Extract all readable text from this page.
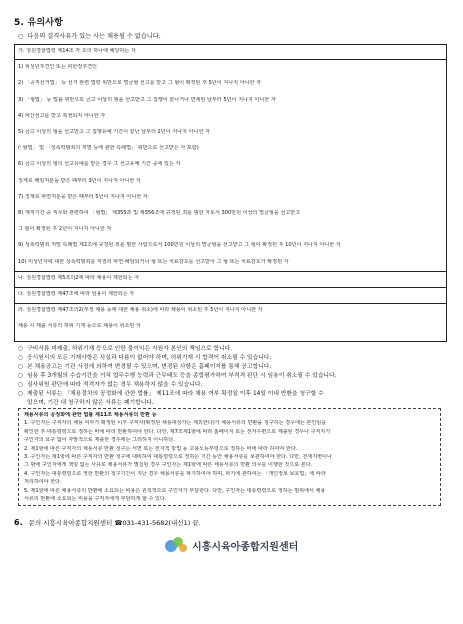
5. 유의사항
○ 다음의 결격사유가 있는 사는 채용될 수 없습니다.
가. 청원경찰법령 제14조 각 호의 하나에 해당하는 자
1) 피성년후견인 또는 피한정후견인
2) 「공직선거법」 등 선거 관련 법령 위반으로 벌금형 선고를 받고 그 형이 확정된 후 5년이 지나지 아니한 자
3) 「형법」 등 법률 위반으로 금고 이상의 형을 선고받고 그 집행이 끝나거나 면제된 날부터 5년이 지나지 아니한 자
4) 파산선고를 받고 복권되지 아니한 자
5) 금고 이상의 형을 선고받고 그 집행유예 기간이 끝난 날부터 2년이 지나지 아니한 자
(「형법」 및 「성폭력범죄의 처벌 등에 관한 특례법」 위반으로 선고받은 자 포함)
6) 금고 이상의 형의 선고유예를 받은 경우 그 선고유예 기간 중에 있는 자
징계로 해임처분을 받은 때부터 3년이 지나지 아니한 자
7) 징계로 파면처분을 받은 때부터 5년이 지나지 아니한 자
8) 재직기간 중 직무와 관련하여 「형법」 제355조 및 제356조에 규정된 죄를 범한 자로서 300만원 이상의 벌금형을 선고받고
그 형이 확정된 후 2년이 지나지 아니한 자
9) 성폭력범죄 처벌 특례법 제2조에 규정된 죄를 범한 사람으로서 100만원 이상의 벌금형을 선고받고 그 형이 확정된 후 10년이 지나지 아니한 자
10) 미성년자에 대한 성폭력범죄를 저질러 파면·해임되거나 형 또는 치료감호를 선고받아 그 형 또는 치료감호가 확정된 자
나. 청원경찰법령 제5조의2에 따라 채용이 제한되는 자
다. 청원경찰법령 제47조에 따라 임용이 제한되는 자
라. 청원경찰법령 제47조의2(부정 채용 등에 대한 채용 취소)에 따라 채용이 취소된 후 5년이 지나지 아니한 자
채용 시 제출 서류의 허위 기재 등으로 채용이 취소된 자
○ 구비서류 미제출, 허위기재 등으로 인한 불이익은 지원자 본인의 책임으로 합니다.
○ 응시원서의 모든 기재사항은 사실과 다름이 없어야 하며, 허위기재 시 합격이 취소될 수 있습니다.
○ 본 채용공고는 기관 사정에 의하여 변경될 수 있으며, 변경된 사항은 홈페이지를 통해 공고합니다.
○ 임용 후 3개월의 수습기간을 거쳐 업무수행 능력과 근무태도 등을 종합평가하여 부적격 판단 시 임용이 취소될 수 있습니다.
○ 심사위원 판단에 따라 적격자가 없는 경우 채용하지 않을 수 있습니다.
○ 제출된 서류는 「채용절차의 공정화에 관한 법률」 제11조에 따라 채용 여부 확정일 이후 14일 이내 반환을 청구할 수
있으며, 기간 내 청구하지 않은 서류는 폐기합니다.
채용서류의 공정화에 관한 법률 제11조 채용서류의 반환 등
1. 구인자는 구직자의 채용 여부가 확정된 이후 구직자(확정된 채용대상자는 제외한다)가 채용서류의 반환을 청구하는 경우에는 본인임을
확인한 후 대통령령으로 정하는 바에 따라 반환하여야 한다. 다만, 제7조제1항에 따라 홈페이지 또는 전자우편으로 제출된 경우나 구직자가
구인자의 요구 없이 자발적으로 제출한 경우에는 그러하지 아니하다.
2. 제1항에 따른 구직자의 채용서류 반환 청구는 서면 또는 전자적 방법 등 고용노동부령으로 정하는 바에 따라 하여야 한다.
3. 구인자는 제1항에 따른 구직자의 반환 청구에 대비하여 대통령령으로 정하는 기간 동안 채용서류를 보관하여야 한다. 다만, 천재지변이나
그 밖에 구인자에게 책임 없는 사유로 채용서류가 멸실된 경우 구인자는 제1항에 따른 채용서류의 반환 의무를 이행한 것으로 본다.
4. 구인자는 대통령령으로 정한 반환의 청구기간이 지난 경우 채용서류를 파기하여야 하며, 파기에 관하여는 「개인정보 보호법」에 따라
처리하여야 한다.
5. 제1항에 따른 채용서류의 반환에 소요되는 비용은 원칙적으로 구인자가 부담한다. 다만, 구인자는 대통령령으로 정하는 범위에서 채용
서류의 반환에 소요되는 비용을 구직자에게 부담하게 할 수 있다.
6. 문의 시흥시육아종합지원센터 ☎031-431-5682(내선1) 끝.
시흥시육아종합지원센터
